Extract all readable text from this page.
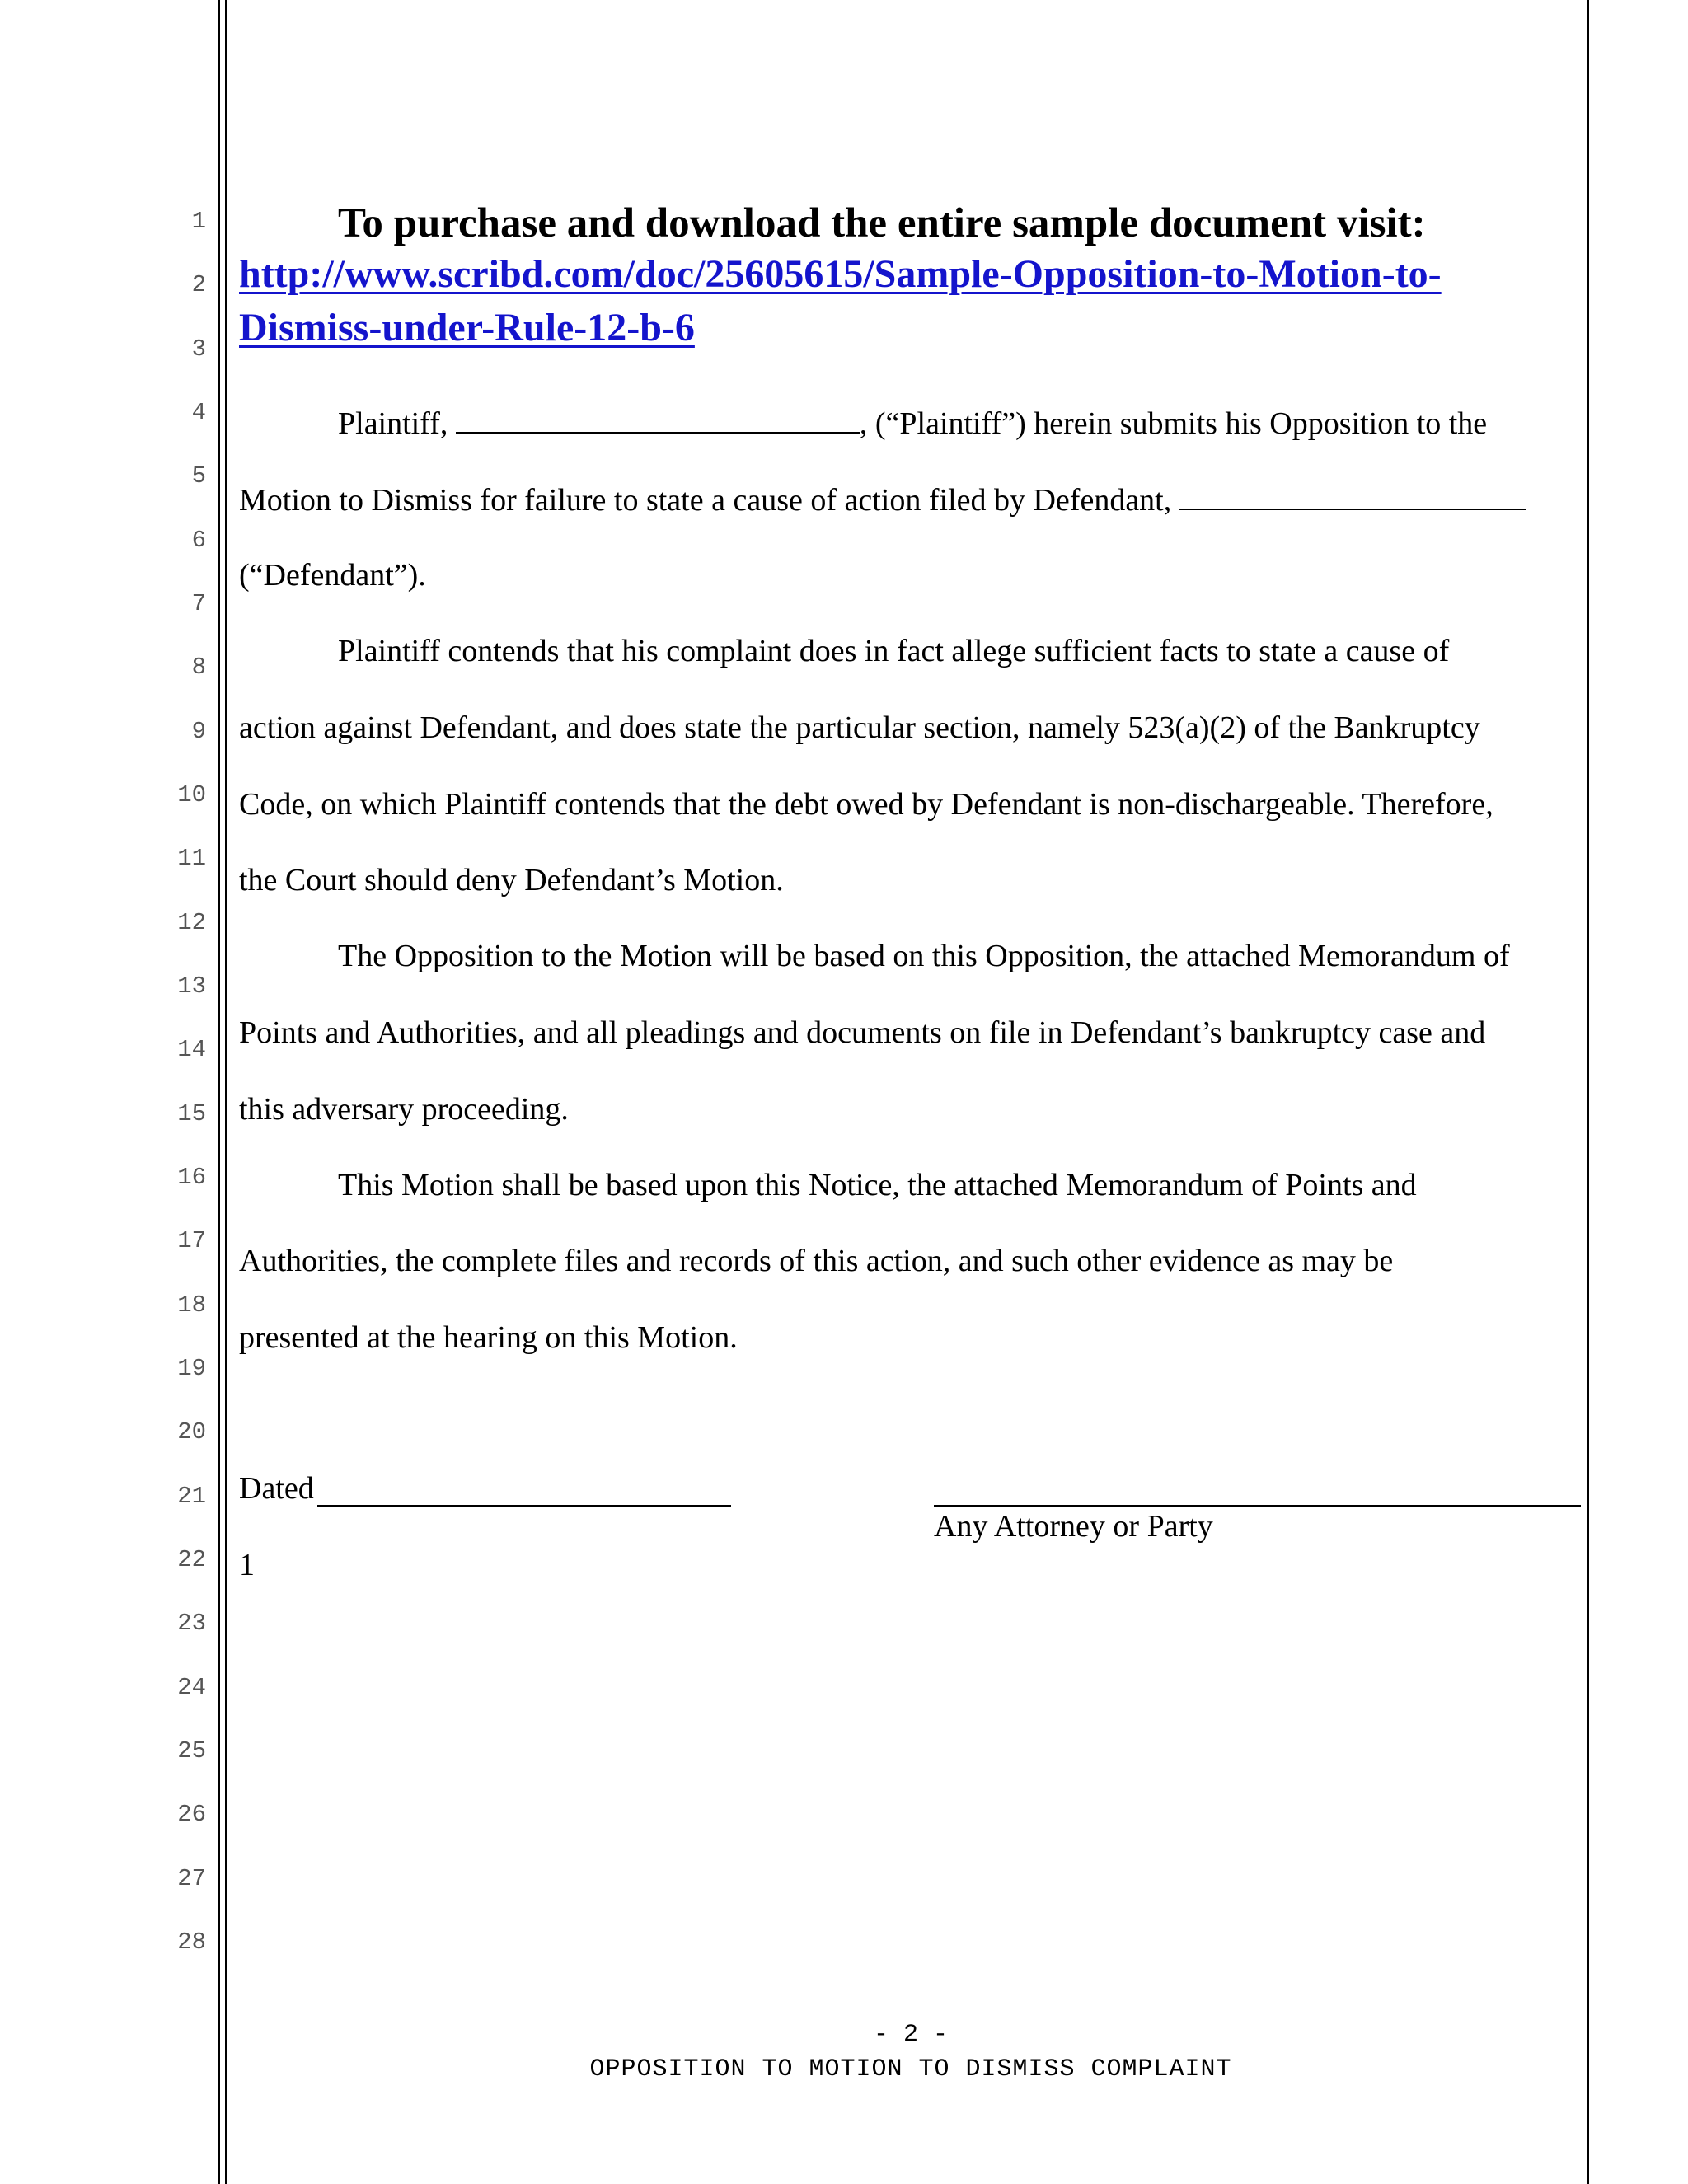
1
2
3
4
5
6
7
8
9
10
11
12
13
14
15
16
17
18
19
20
21
22
23
24
25
26
27
28
To purchase and download the entire sample document visit:
http://www.scribd.com/doc/25605615/Sample-Opposition-to-Motion-to-
Dismiss-under-Rule-12-b-6
Plaintiff,	, (“Plaintiff”) herein submits his Opposition to the
Motion to Dismiss for failure to state a cause of action filed by Defendant,
(“Defendant”).
Plaintiff contends that his complaint does in fact allege sufficient facts to state a cause of
action against Defendant, and does state the particular section, namely 523(a)(2) of the Bankruptcy
Code, on which Plaintiff contends that the debt owed by Defendant is non-dischargeable. Therefore,
the Court should deny Defendant’s Motion.
The Opposition to the Motion will be based on this Opposition, the attached Memorandum of
Points and Authorities, and all pleadings and documents on file in Defendant’s bankruptcy case and
this adversary proceeding.
This Motion shall be based upon this Notice, the attached Memorandum of Points and
Authorities, the complete files and records of this action, and such other evidence as may be
presented at the hearing on this Motion.
Dated
Any Attorney or Party
1
- 2 -
OPPOSITION TO MOTION TO DISMISS COMPLAINT
